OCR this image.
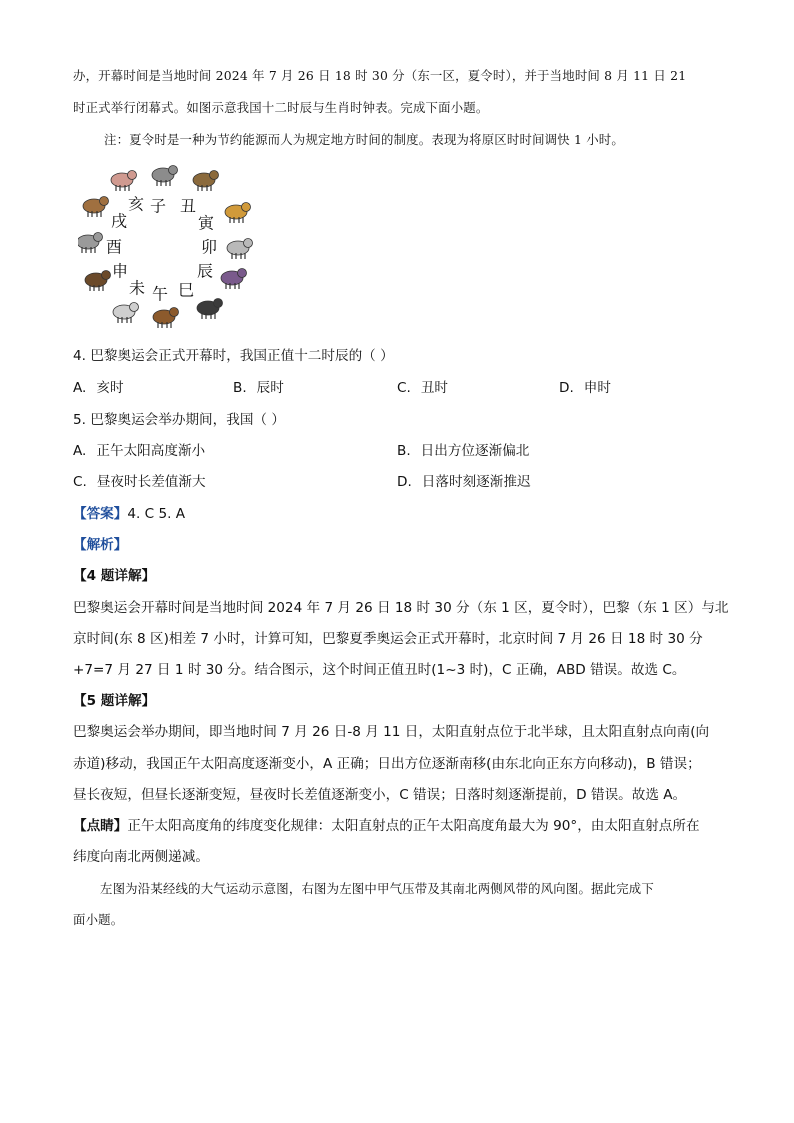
办，开幕时间是当地时间 2024 年 7 月 26 日 18 时 30 分（东一区，夏令时），并于当地时间 8 月 11 日 21
时正式举行闭幕式。如图示意我国十二时辰与生肖时钟表。完成下面小题。
注：夏令时是一种为节约能源而人为规定地方时间的制度。表现为将原区时时间调快 1 小时。
子 丑
寅
卯
辰
巳
午
未
申
酉
戌
亥
4. 巴黎奥运会正式开幕时，我国正值十二时辰的（ ）
A. 亥时	B. 辰时	C. 丑时	D. 申时
5. 巴黎奥运会举办期间，我国（ ）
A. 正午太阳高度渐小	B. 日出方位逐渐偏北
C. 昼夜时长差值渐大	D. 日落时刻逐渐推迟
【答案】4. C 5. A
【解析】
【4 题详解】
巴黎奥运会开幕时间是当地时间 2024 年 7 月 26 日 18 时 30 分（东 1 区，夏令时），巴黎（东 1 区）与北
京时间(东 8 区)相差 7 小时，计算可知，巴黎夏季奥运会正式开幕时，北京时间 7 月 26 日 18 时 30 分
+7=7 月 27 日 1 时 30 分。结合图示，这个时间正值丑时(1~3 时)，C 正确，ABD 错误。故选 C。
【5 题详解】
巴黎奥运会举办期间，即当地时间 7 月 26 日-8 月 11 日，太阳直射点位于北半球，且太阳直射点向南(向
赤道)移动，我国正午太阳高度逐渐变小，A 正确；日出方位逐渐南移(由东北向正东方向移动)，B 错误；
昼长夜短，但昼长逐渐变短，昼夜时长差值逐渐变小，C 错误；日落时刻逐渐提前，D 错误。故选 A。
【点睛】正午太阳高度角的纬度变化规律：太阳直射点的正午太阳高度角最大为 90°，由太阳直射点所在
纬度向南北两侧递减。
左图为沿某经线的大气运动示意图，右图为左图中甲气压带及其南北两侧风带的风向图。据此完成下
面小题。
